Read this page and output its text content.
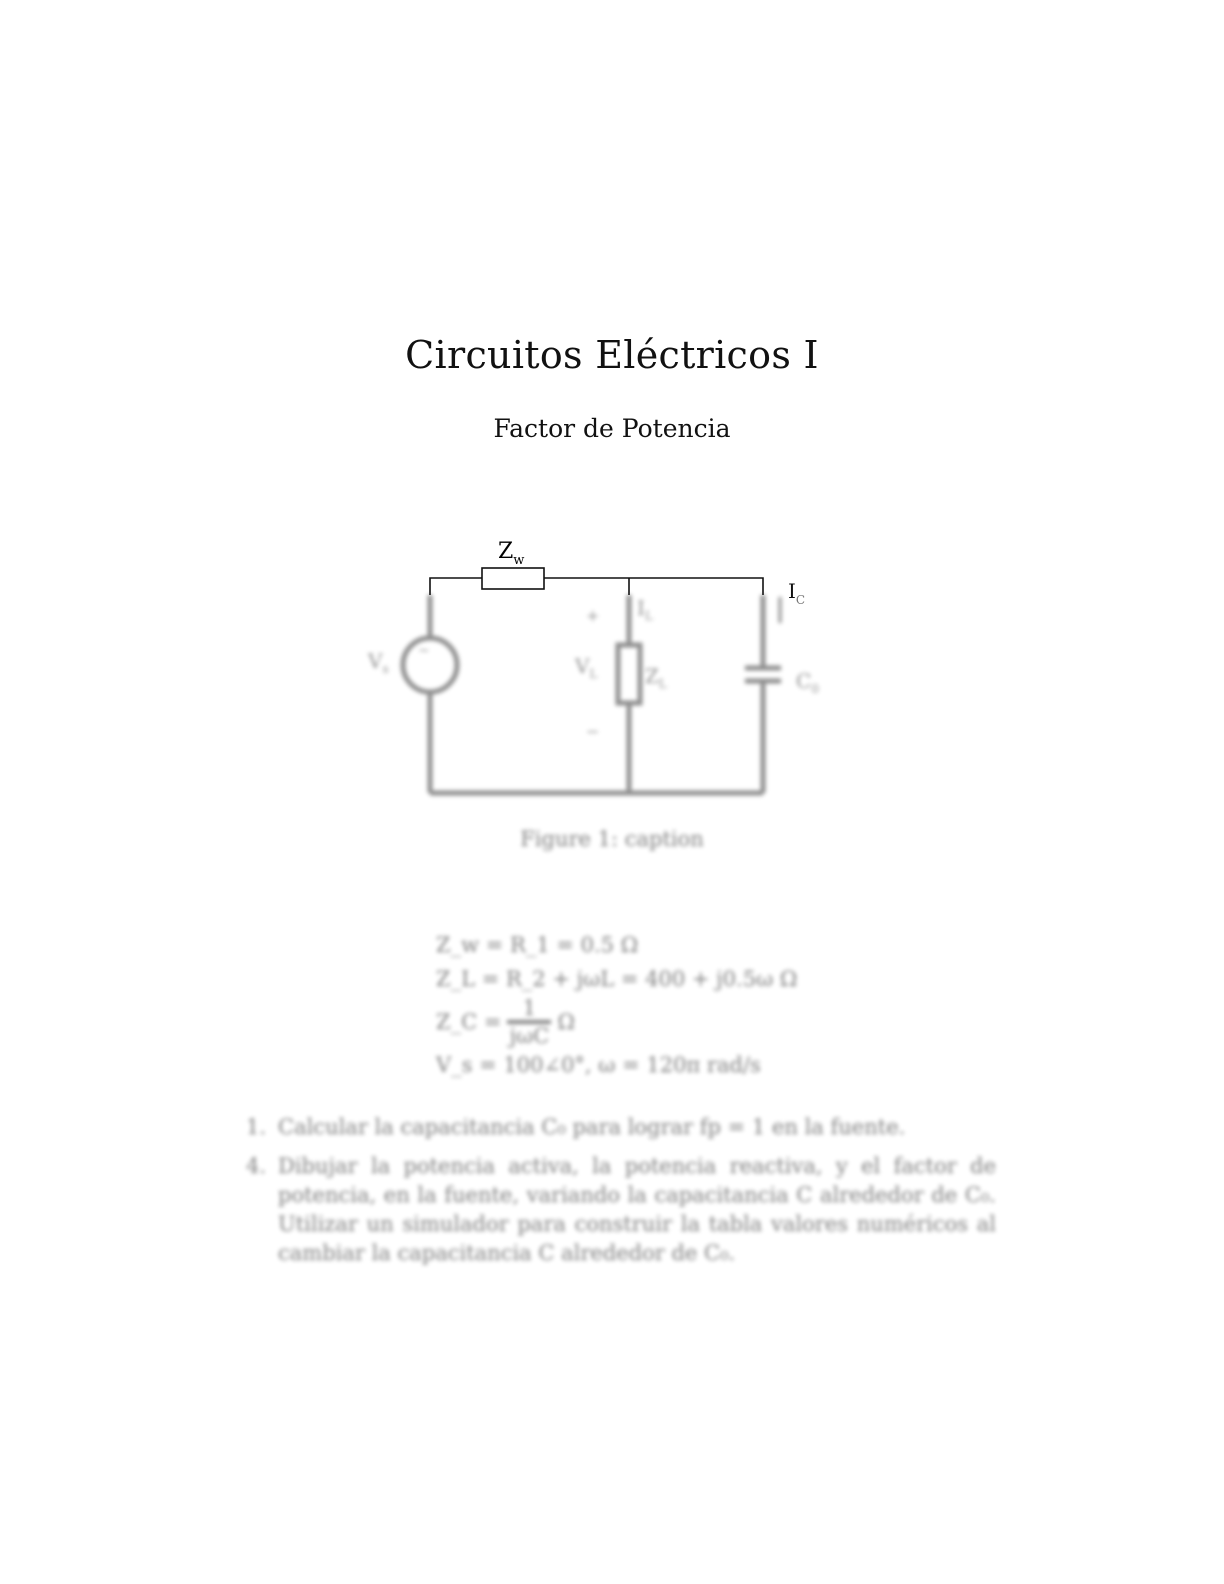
Circuitos Eléctricos I
Factor de Potencia
$Z_w$
$V_s$
~
+
$V_L$
−
$I_L$
$Z_L$	$C_0$
$I_C$
Figure 1: caption
Z_w = R_1 = 0.5 Ω
Z_L = R_2 + jωL = 400 + j0.5ω Ω
Z_C = $\frac{1}{\text{jωC}}$ Ω
V_s = 100∠0°, ω = 120π rad/s
1. Calcular la capacitancia C₀ para lograr fp = 1 en la fuente.
4. Dibujar la potencia activa, la potencia reactiva, y el factor de potencia, en la fuente, variando la capacitancia C alrededor de C₀. Utilizar un simulador para construir la tabla valores numéricos al cambiar la capacitancia C alrededor de C₀.
